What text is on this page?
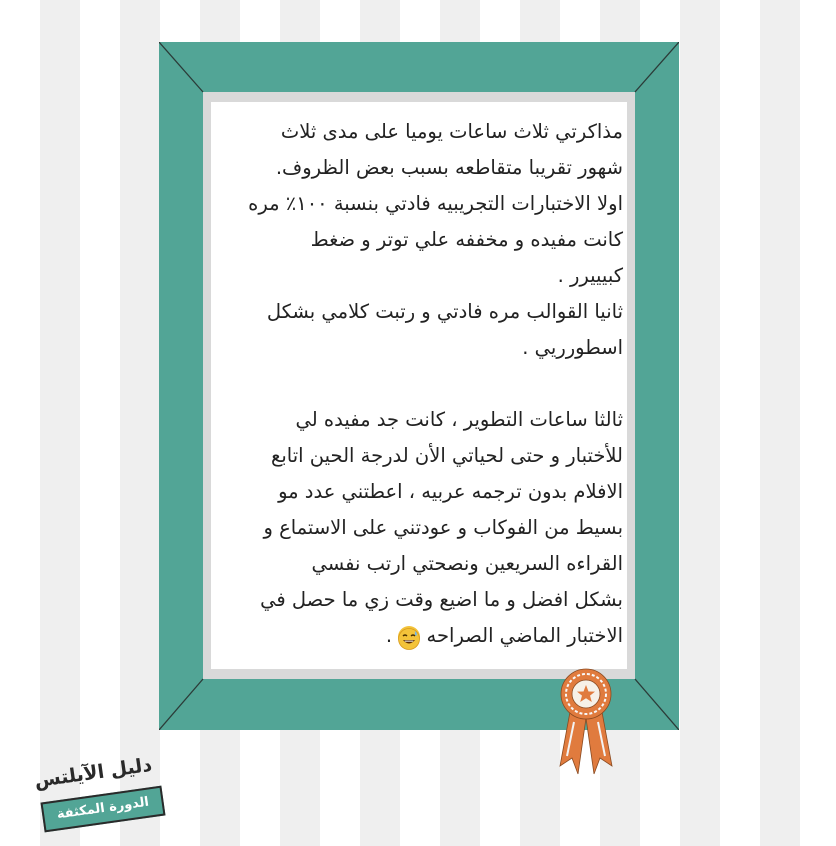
مذاكرتي ثلاث ساعات يوميا على مدى ثلاث

شهور تقريبا متقاطعه بسبب بعض الظروف.

اولا الاختبارات التجريبيه فادتي بنسبة ١٠٠٪ مره

كانت مفيده و مخففه علي توتر و ضغط

كبيييرر .

ثانيا القوالب مره فادتي و رتبت كلامي بشكل

اسطورريي .

ثالثا ساعات التطوير ، كانت جد مفيده لي

للأختبار و حتى لحياتي الأن لدرجة الحين اتابع

الافلام بدون ترجمه عربيه ، اعطتني عدد مو

بسيط من الفوكاب و عودتني على الاستماع و

القراءه السريعين ونصحتي ارتب نفسي

بشكل افضل و ما اضيع وقت زي ما حصل في

الاختبار الماضي الصراحه  .

دليل الآيلتس
الدورة المكثفة
